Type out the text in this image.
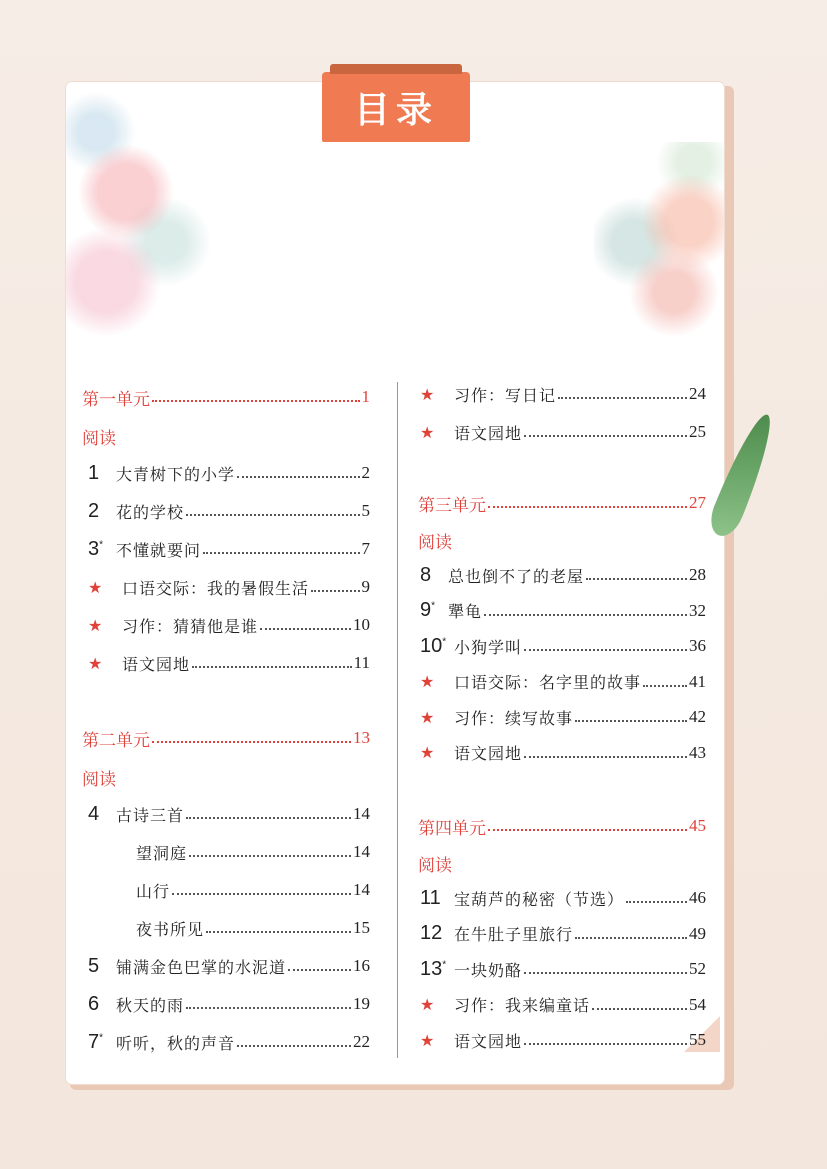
目录
第一单元	1
阅读
1	大青树下的小学	2
2	花的学校	5
3* 不懂就要问	7
★	口语交际：我的暑假生活	9
★	习作：猜猜他是谁	10
★	语文园地	11
第二单元	13
阅读
4	古诗三首	14
望洞庭	14
山行	14
夜书所见	15
5	铺满金色巴掌的水泥道	16
6	秋天的雨	19
7* 听听，秋的声音	22
★	习作：写日记	24
★	语文园地	25
第三单元	27
阅读
8	总也倒不了的老屋	28
9* 犟龟	32
10* 小狗学叫	36
★	口语交际：名字里的故事	41
★	习作：续写故事	42
★	语文园地	43
第四单元	45
阅读
11 宝葫芦的秘密（节选）	46
12 在牛肚子里旅行	49
13* 一块奶酪	52
★	习作：我来编童话	54
★	语文园地	55
